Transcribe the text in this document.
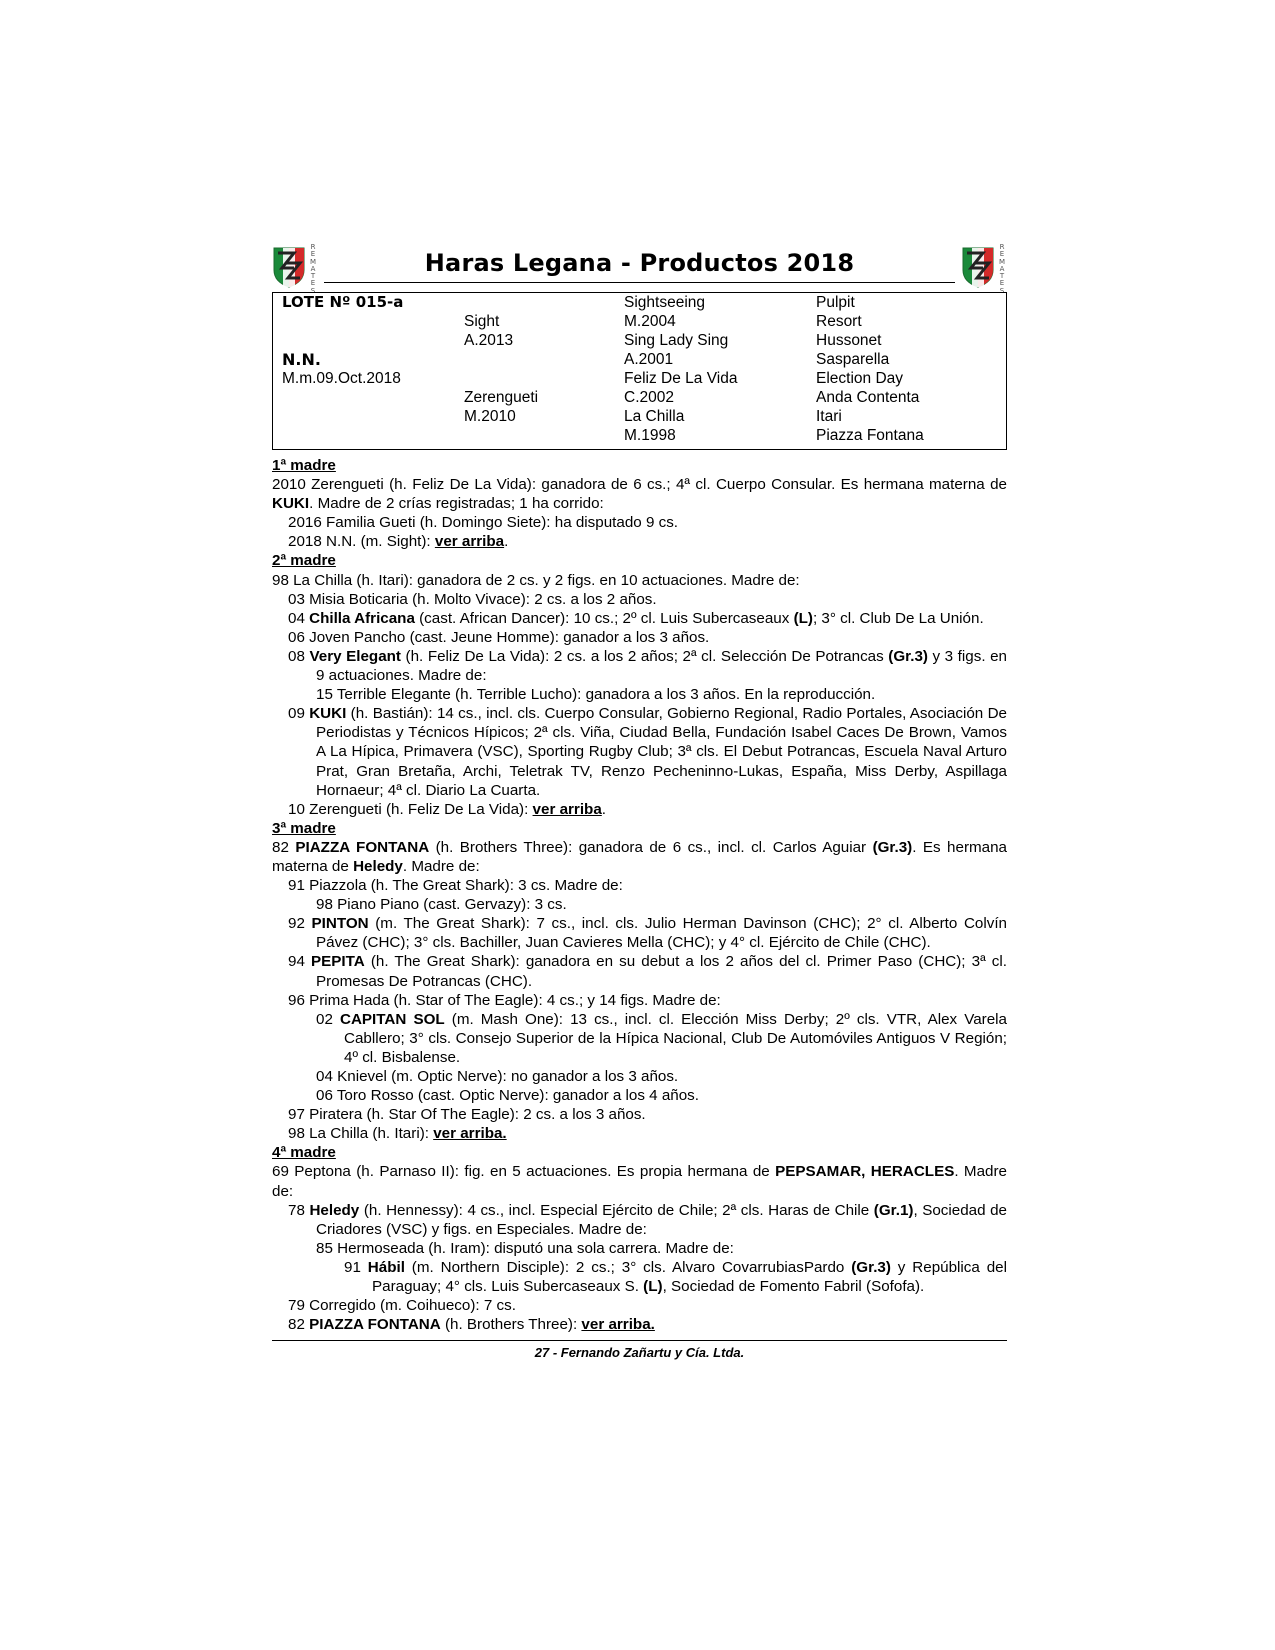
R
E
M
A
T
E
S
Haras Legana - Productos 2018
R
E
M
A
T
E
S
LOTE Nº 015-a
N.N.
M.m.09.Oct.2018
Sight
A.2013
Zerengueti
M.2010
Sightseeing
M.2004
Sing Lady Sing
A.2001
Feliz De La Vida
C.2002
La Chilla
M.1998
Pulpit
Resort
Hussonet
Sasparella
Election Day
Anda Contenta
Itari
Piazza Fontana

1ª madre

2010 Zerengueti (h. Feliz De La Vida): ganadora de 6 cs.; 4ª cl. Cuerpo Consular. Es hermana materna de KUKI. Madre de 2 crías registradas; 1 ha corrido:

2016 Familia Gueti (h. Domingo Siete): ha disputado 9 cs.

2018 N.N. (m. Sight): ver arriba.

2ª madre

98 La Chilla (h. Itari): ganadora de 2 cs. y 2 figs. en 10 actuaciones. Madre de:

03 Misia Boticaria (h. Molto Vivace): 2 cs. a los 2 años.

04 Chilla Africana (cast. African Dancer): 10 cs.; 2º cl. Luis Subercaseaux (L); 3° cl. Club De La Unión.

06 Joven Pancho (cast. Jeune Homme): ganador a los 3 años.

08 Very Elegant (h. Feliz De La Vida): 2 cs. a los 2 años; 2ª cl. Selección De Potrancas (Gr.3) y 3 figs. en 9 actuaciones. Madre de:

15 Terrible Elegante (h. Terrible Lucho): ganadora a los 3 años. En la reproducción.

09 KUKI (h. Bastián): 14 cs., incl. cls. Cuerpo Consular, Gobierno Regional, Radio Portales, Asociación De Periodistas y Técnicos Hípicos; 2ª cls. Viña, Ciudad Bella, Fundación Isabel Caces De Brown, Vamos A La Hípica, Primavera (VSC), Sporting Rugby Club; 3ª cls. El Debut Potrancas, Escuela Naval Arturo Prat, Gran Bretaña, Archi, Teletrak TV, Renzo Pecheninno-Lukas, España, Miss Derby, Aspillaga Hornaeur; 4ª cl. Diario La Cuarta.

10 Zerengueti (h. Feliz De La Vida): ver arriba.

3ª madre

82 PIAZZA FONTANA (h. Brothers Three): ganadora de 6 cs., incl. cl. Carlos Aguiar (Gr.3). Es hermana materna de Heledy. Madre de:

91 Piazzola (h. The Great Shark): 3 cs. Madre de:

98 Piano Piano (cast. Gervazy): 3 cs.

92 PINTON (m. The Great Shark): 7 cs., incl. cls. Julio Herman Davinson (CHC); 2° cl. Alberto Colvín Pávez (CHC); 3° cls. Bachiller, Juan Cavieres Mella (CHC); y 4° cl. Ejército de Chile (CHC).

94 PEPITA (h. The Great Shark): ganadora en su debut a los 2 años del cl. Primer Paso (CHC); 3ª cl. Promesas De Potrancas (CHC).

96 Prima Hada (h. Star of The Eagle): 4 cs.; y 14 figs. Madre de:

02 CAPITAN SOL (m. Mash One): 13 cs., incl. cl. Elección Miss Derby; 2º cls. VTR, Alex Varela Cabllero; 3° cls. Consejo Superior de la Hípica Nacional, Club De Automóviles Antiguos V Región; 4º cl. Bisbalense.

04 Knievel (m. Optic Nerve): no ganador a los 3 años.

06 Toro Rosso (cast. Optic Nerve): ganador a los 4 años.

97 Piratera (h. Star Of The Eagle): 2 cs. a los 3 años.

98 La Chilla (h. Itari): ver arriba.

4ª madre

69 Peptona (h. Parnaso II): fig. en 5 actuaciones. Es propia hermana de PEPSAMAR, HERACLES. Madre de:

78 Heledy (h. Hennessy): 4 cs., incl. Especial Ejército de Chile; 2ª cls. Haras de Chile (Gr.1), Sociedad de Criadores (VSC) y figs. en Especiales. Madre de:

85 Hermoseada (h. Iram): disputó una sola carrera. Madre de:

91 Hábil (m. Northern Disciple): 2 cs.; 3° cls. Alvaro CovarrubiasPardo (Gr.3) y República del Paraguay; 4° cls. Luis Subercaseaux S. (L), Sociedad de Fomento Fabril (Sofofa).

79 Corregido (m. Coihueco): 7 cs.

82 PIAZZA FONTANA (h. Brothers Three): ver arriba.

27 - Fernando Zañartu y Cía. Ltda.
